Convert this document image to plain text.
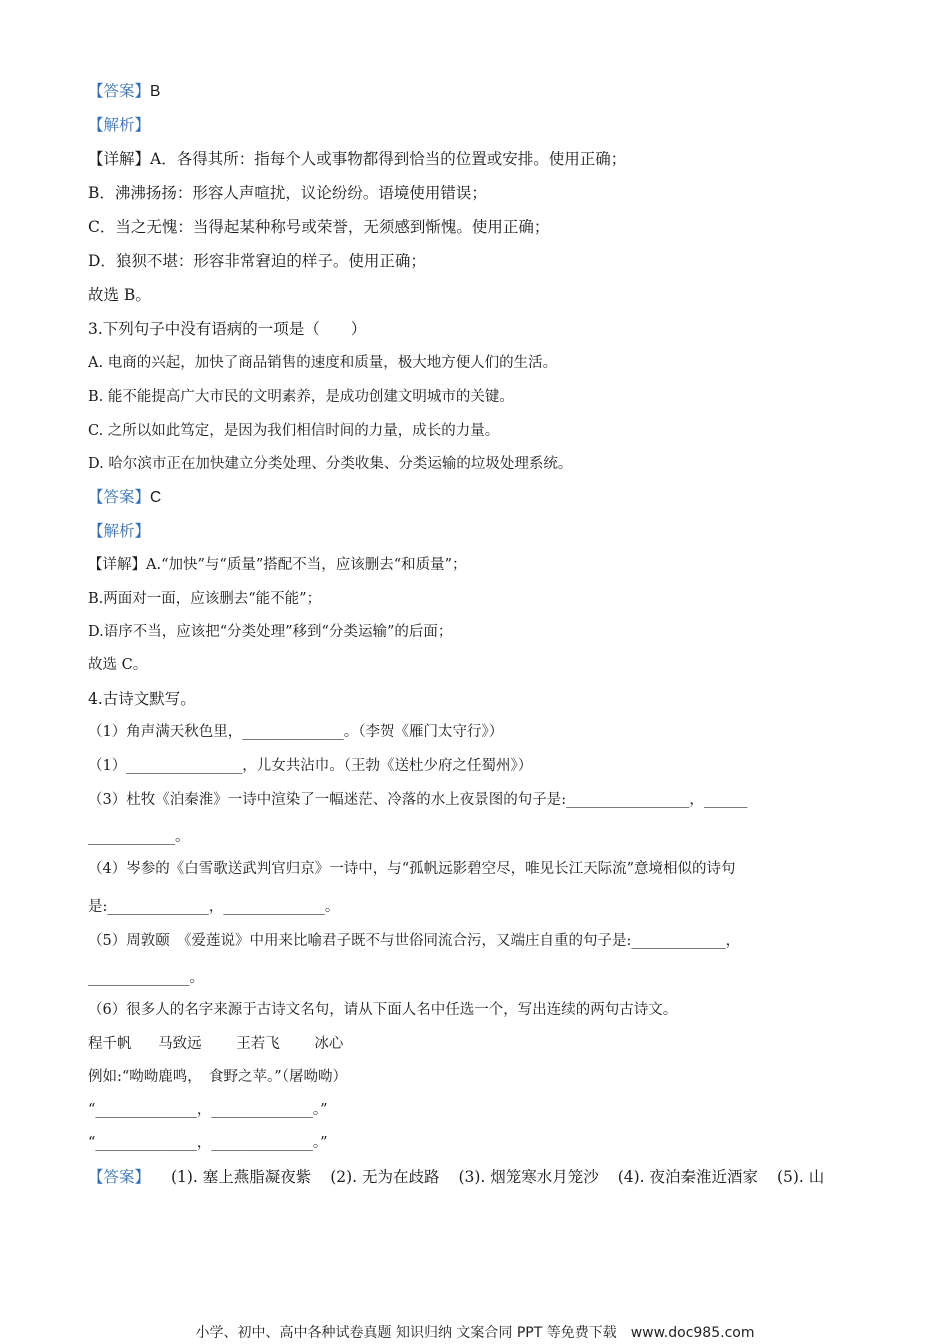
【答案】B
【解析】
【详解】A．各得其所：指每个人或事物都得到恰当的位置或安排。使用正确；
B．沸沸扬扬：形容人声喧扰，议论纷纷。语境使用错误；
C．当之无愧：当得起某种称号或荣誉，无须感到惭愧。使用正确；
D．狼狈不堪：形容非常窘迫的样子。使用正确；
故选 B。
3.下列句子中没有语病的一项是（　　）
A. 电商的兴起，加快了商品销售的速度和质量，极大地方便人们的生活。
B. 能不能提高广大市民的文明素养，是成功创建文明城市的关键。
C. 之所以如此笃定，是因为我们相信时间的力量，成长的力量。
D. 哈尔滨市正在加快建立分类处理、分类收集、分类运输的垃圾处理系统。
【答案】C
【解析】
【详解】A.“加快”与“质量”搭配不当，应该删去“和质量”；
B.两面对一面，应该删去“能不能”；
D.语序不当，应该把“分类处理”移到“分类运输”的后面；
故选 C。
4.古诗文默写。
（1）角声满天秋色里，______________。（李贺《雁门太守行》）
（1）________________，儿女共沾巾。（王勃《送杜少府之任蜀州》）
（3）杜牧《泊秦淮》一诗中渲染了一幅迷茫、冷落的水上夜景图的句子是:_________________，______
____________。
（4）岑参的《白雪歌送武判官归京》一诗中，与“孤帆远影碧空尽，唯见长江天际流”意境相似的诗句
是:______________，______________。
（5）周敦颐　《爱莲说》中用来比喻君子既不与世俗同流合污，又端庄自重的句子是:_____________，
______________。
（6）很多人的名字来源于古诗文名句，请从下面人名中任选一个，写出连续的两句古诗文。
程千帆 马致远 王若飞 冰心
例如:“呦呦鹿鸣，　食野之苹。”（屠呦呦）
“______________，______________。”
“______________，______________。”
【答案】 (1). 塞上燕脂凝夜紫 (2). 无为在歧路 (3). 烟笼寒水月笼沙 (4). 夜泊秦淮近酒家 (5). 山
小学、初中、高中各种试卷真题 知识归纳 文案合同 PPT 等免费下载　www.doc985.com
